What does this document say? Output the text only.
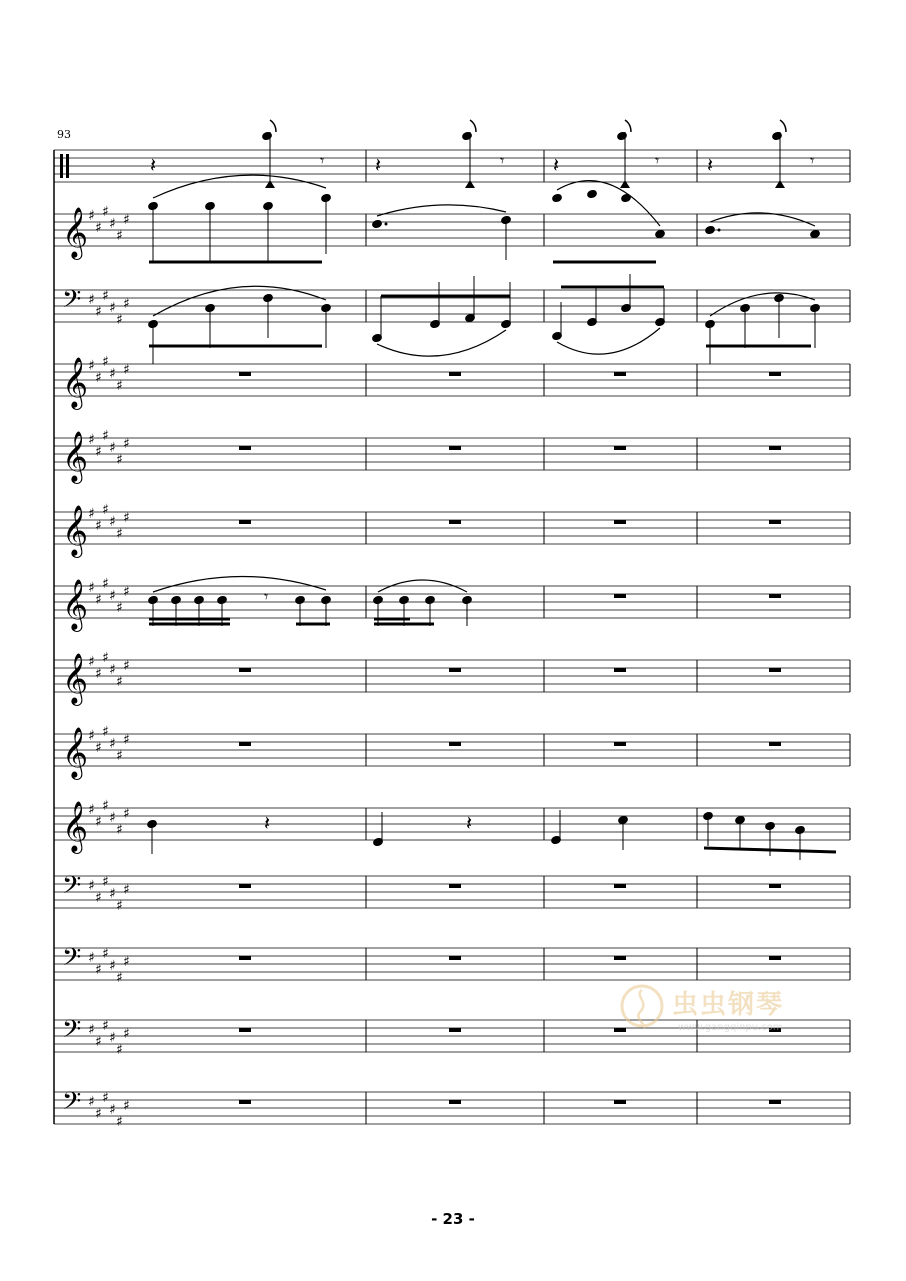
93
𝄞 ♯
♯
♯
♯
♯
♯
𝄢 ♯
♯
♯
♯
♯
♯
𝄞 ♯
♯
♯
♯
♯
♯
𝄞 ♯
♯
♯
♯
♯
♯
𝄞 ♯
♯
♯
♯
♯
♯
𝄞 ♯
♯
♯
♯
♯
♯
𝄞 ♯
♯
♯
♯
♯
♯
𝄞 ♯
♯
♯
♯
♯
♯
𝄞 ♯
♯
♯
♯
♯
♯
𝄢 ♯
♯
♯
♯
♯
♯
𝄢 ♯
♯
♯
♯
♯
♯
𝄢 ♯
♯
♯
♯
♯
♯
𝄢 ♯
♯
♯
♯
♯
♯
𝄽	𝄾	𝄽	𝄾 𝄽	𝄾 𝄽	𝄾
𝄾
𝄽	𝄽
虫虫钢琴
www.gangqinpu.com
- 23 -
